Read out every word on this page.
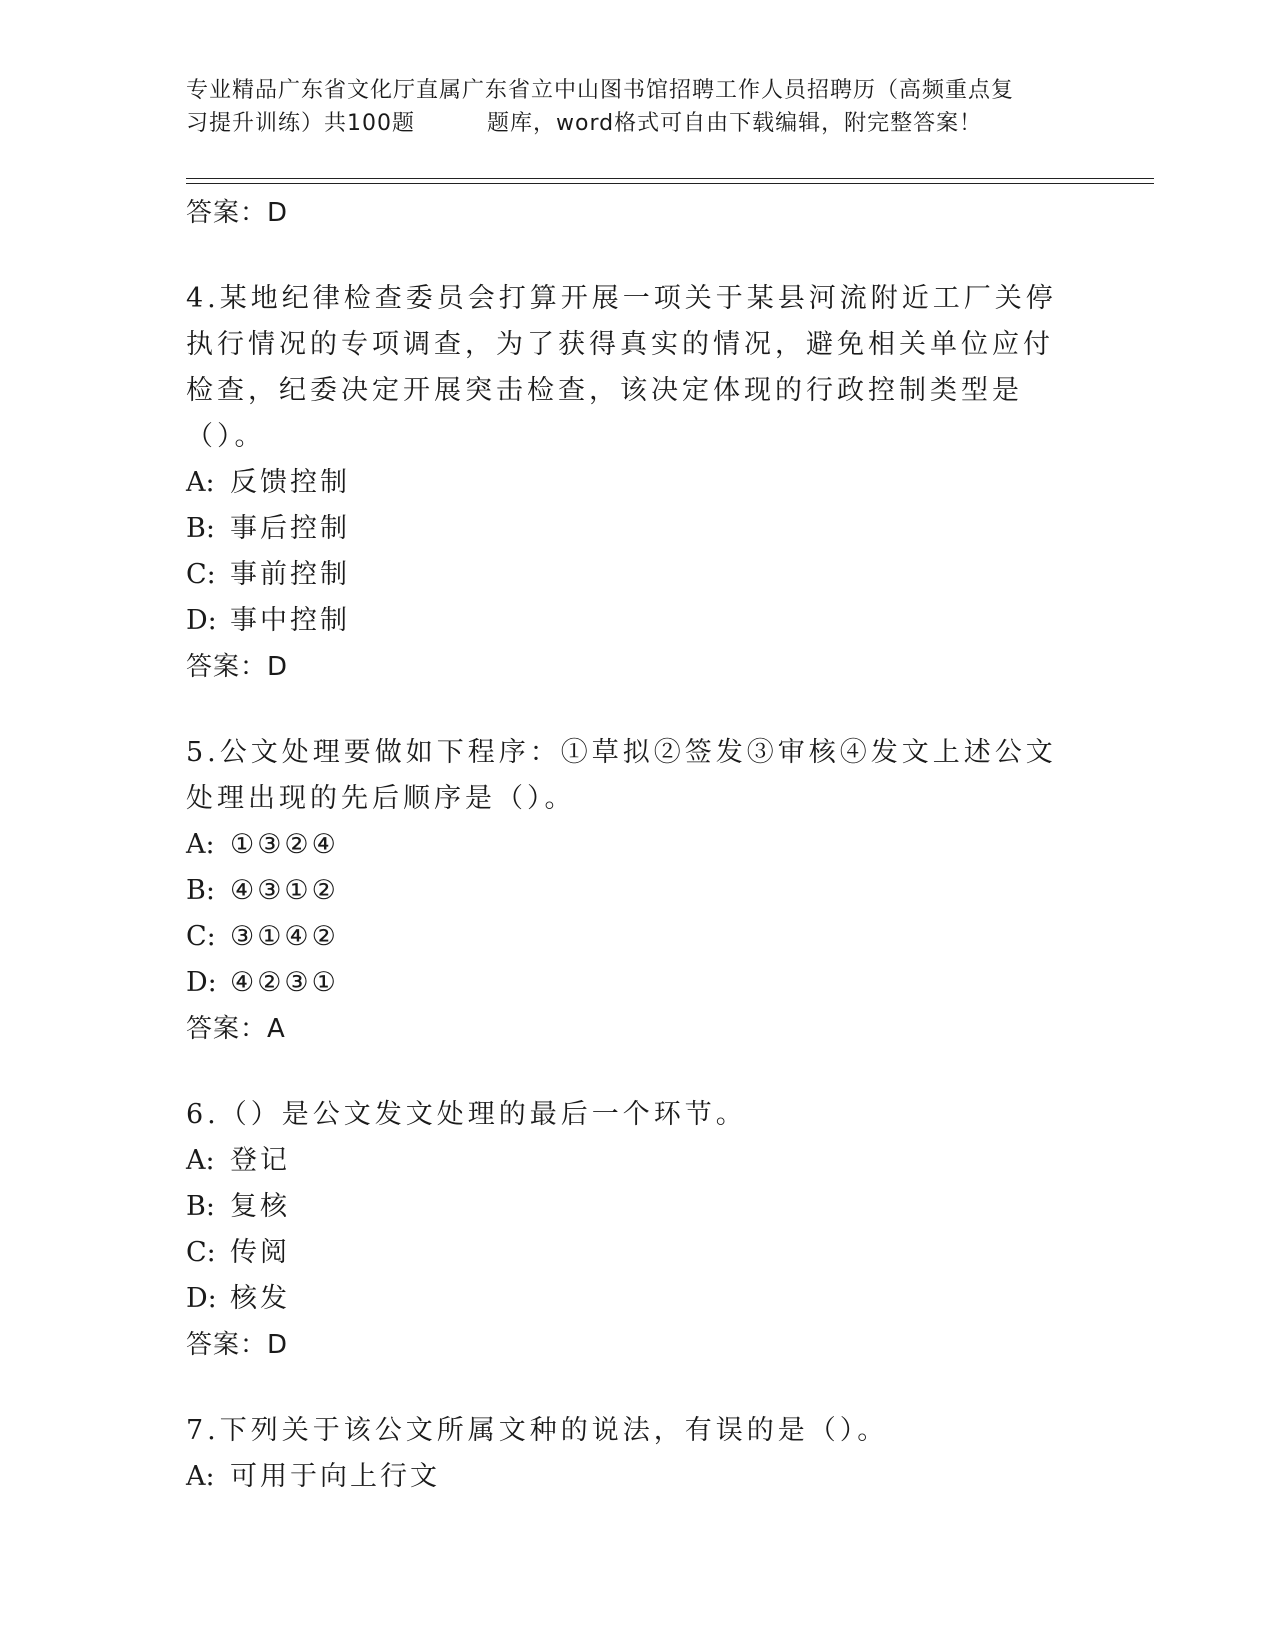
专业精品广东省文化厅直属广东省立中山图书馆招聘工作人员招聘历（高频重点复
习提升训练）共100题	题库，word格式可自由下载编辑，附完整答案！
答案：D
4.某地纪律检查委员会打算开展一项关于某县河流附近工厂关停执行情况的专项调查，为了获得真实的情况，避免相关单位应付检查，纪委决定开展突击检查，该决定体现的行政控制类型是（）。
A: 反馈控制
B: 事后控制
C: 事前控制
D: 事中控制
答案：D
5.公文处理要做如下程序：①草拟②签发③审核④发文上述公文处理出现的先后顺序是（）。
A: ①③②④
B: ④③①②
C: ③①④②
D: ④②③①
答案：A
6.（）是公文发文处理的最后一个环节。
A: 登记
B: 复核
C: 传阅
D: 核发
答案：D
7.下列关于该公文所属文种的说法，有误的是（）。
A: 可用于向上行文
